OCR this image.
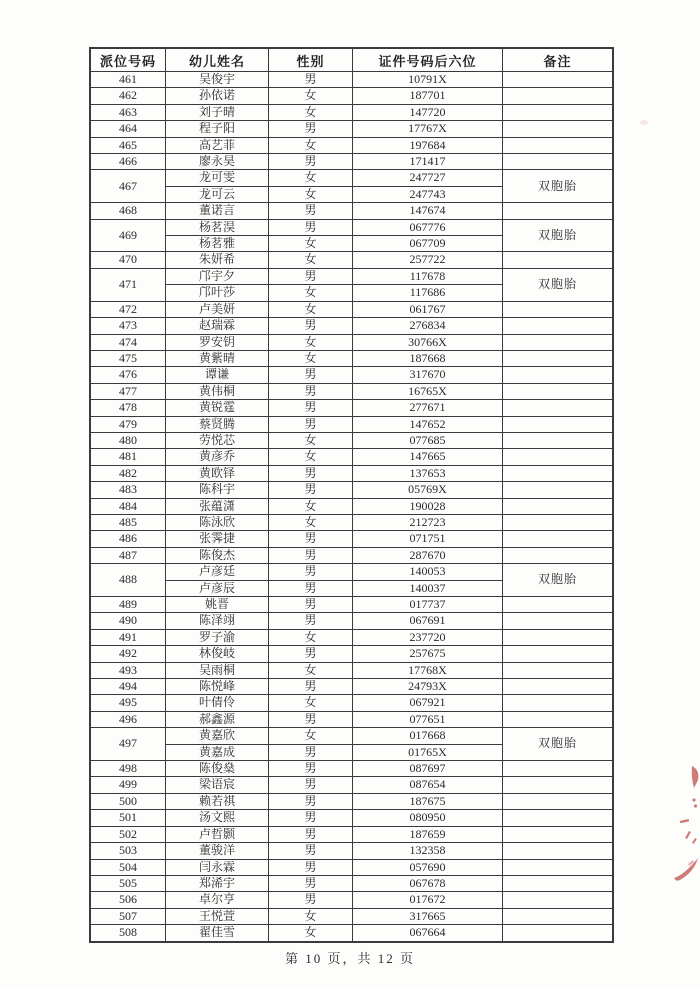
派位号码	幼儿姓名	性别	证件号码后六位	备注
461	吴俊宇	男	10791X	
462	孙依诺	女	187701	
463	刘子晴	女	147720	
464	程子阳	男	17767X	
465	高艺菲	女	197684	
466	廖永昊	男	171417	
467	龙可雯	女	247727	双胞胎
	龙可云	女	247743	
468	董诺言	男	147674	
469	杨茗淏	男	067776	双胞胎
	杨茗雅	女	067709	
470	朱妍希	女	257722	
471	邝宇夕	男	117678	双胞胎
	邝叶莎	女	117686	
472	卢美妍	女	061767	
473	赵瑞霖	男	276834	
474	罗安钥	女	30766X	
475	黄紫晴	女	187668	
476	谭谦	男	317670	
477	黄伟桐	男	16765X	
478	黄锐霆	男	277671	
479	蔡贤腾	男	147652	
480	劳悦芯	女	077685	
481	黄彦乔	女	147665	
482	黄欧铎	男	137653	
483	陈科宇	男	05769X	
484	张蕴潇	女	190028	
485	陈泳欣	女	212723	
486	张霁捷	男	071751	
487	陈俊杰	男	287670	
488	卢彦廷	男	140053	双胞胎
	卢彦辰	男	140037	
489	姚晋	男	017737	
490	陈泽翊	男	067691	
491	罗子渝	女	237720	
492	林俊岐	男	257675	
493	吴雨桐	女	17768X	
494	陈悦峰	男	24793X	
495	叶倩伶	女	067921	
496	郝鑫源	男	077651	
497	黄嘉欣	女	017668	双胞胎
	黄嘉成	男	01765X	
498	陈俊燊	男	087697	
499	梁语宸	男	087654	
500	赖若祺	男	187675	
501	汤文熙	男	080950	
502	卢哲颢	男	187659	
503	董骏洋	男	132358	
504	闫永霖	男	057690	
505	郑浠宇	男	067678	
506	卓尔亨	男	017672	
507	王悦萱	女	317665	
508	翟佳雪	女	067664	
第 10 页，共 12 页
